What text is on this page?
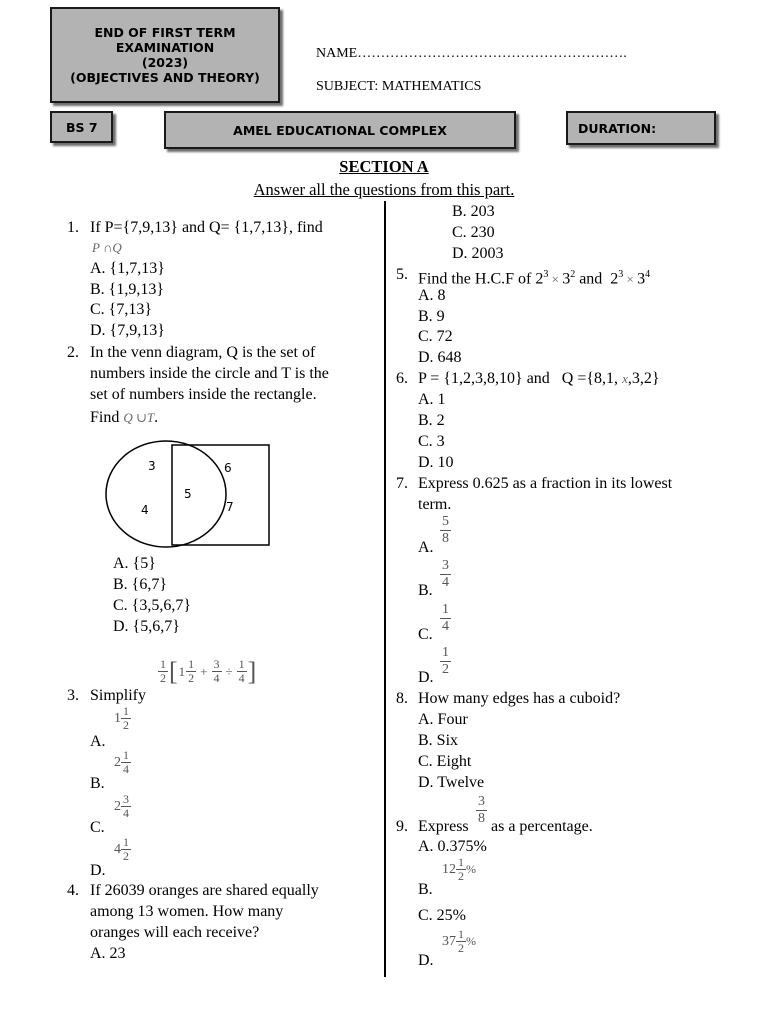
END OF FIRST TERM
EXAMINATION
(2023)
(OBJECTIVES AND THEORY)
NAME………………………………………………….
SUBJECT: MATHEMATICS
BS 7	AMEL EDUCATIONAL COMPLEX	DURATION:
SECTION A
Answer all the questions from this part.
1. If P={7,9,13} and Q= {1,7,13}, find
P ∩Q
A. {1,7,13}
B. {1,9,13}
C. {7,13}
D. {7,9,13}
2. In the venn diagram, Q is the set of
numbers inside the circle and T is the
set of numbers inside the rectangle.
Find Q ∪T.
3
4
5
6
7
A. {5}
B. {6,7}
C. {3,5,6,7}
D. {5,6,7}
3. Simplify
$\frac{1}{2}$ [ $1 \frac{1}{2} + \frac{3}{4} \div \frac{1}{4}$ ]
A.
$1 \frac{1}{2}$
B.
$2 \frac{1}{4}$
C.
$2 \frac{3}{4}$
D.
$4 \frac{1}{2}$
4. If 26039 oranges are shared equally
among 13 women. How many
oranges will each receive?
A. 23
B. 203
C. 230
D. 2003
5. Find the H.C.F of $2^3 \times 3^2$ and  $2^3 \times 3^4$
A. 8
B. 9
C. 72
D. 648
6. P = {1,2,3,8,10} and Q ={8,1, x,3,2}
A. 1
B. 2
C. 3
D. 10
7. Express 0.625 as a fraction in its lowest
term.
A.
$\frac{5}{8}$
B. $\frac{3}{4}$
C. $\frac{1}{4}$
D. $\frac{1}{2}$
8. How many edges has a cuboid?
A. Four
B. Six
C. Eight
D. Twelve
9. Express $\frac{3}{8}$ as a percentage.
A. 0.375%
B.
$12 \frac{1}{2}$ %
C. 25%
D.
$37 \frac{1}{2}$ %
